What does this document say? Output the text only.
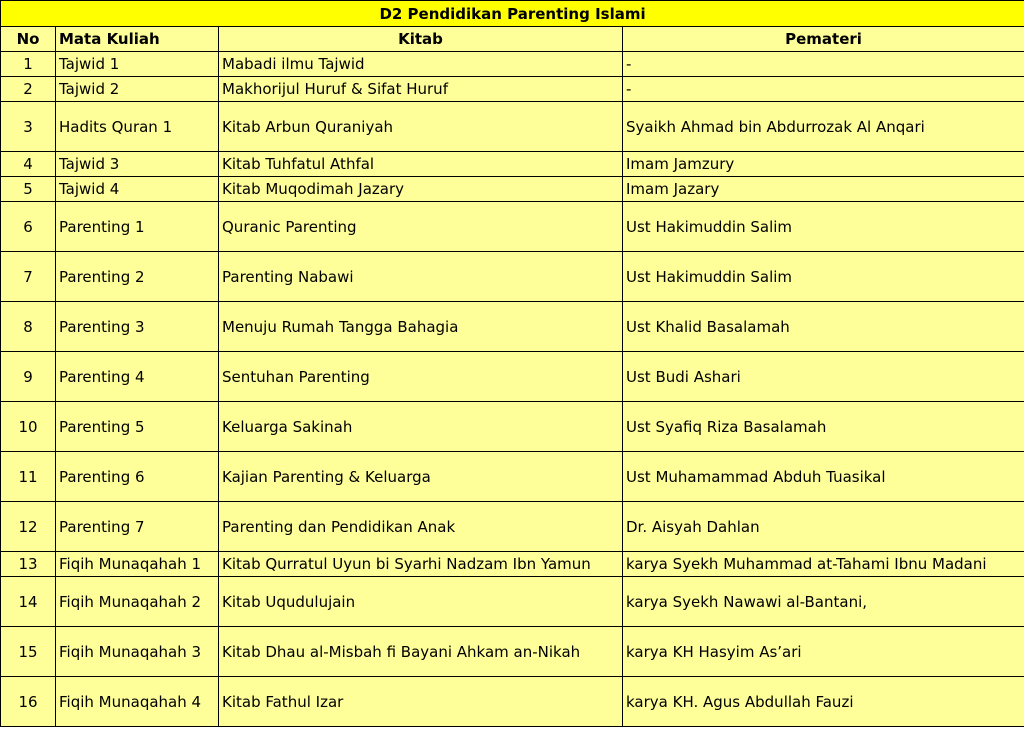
D2 Pendidikan Parenting Islami			
No	Mata Kuliah	Kitab	Pemateri
1	Tajwid 1	Mabadi ilmu Tajwid	-
2	Tajwid 2	Makhorijul Huruf & Sifat Huruf	-
3	Hadits Quran 1	Kitab Arbun Quraniyah	Syaikh Ahmad bin Abdurrozak Al Anqari
4	Tajwid 3	Kitab Tuhfatul Athfal	Imam Jamzury
5	Tajwid 4	Kitab Muqodimah Jazary	Imam Jazary
6	Parenting 1	Quranic Parenting	Ust Hakimuddin Salim
7	Parenting 2	Parenting Nabawi	Ust Hakimuddin Salim
8	Parenting 3	Menuju Rumah Tangga Bahagia	Ust Khalid Basalamah
9	Parenting 4	Sentuhan Parenting	Ust Budi Ashari
10	Parenting 5	Keluarga Sakinah	Ust Syafiq Riza Basalamah
11	Parenting 6	Kajian Parenting & Keluarga	Ust Muhamammad Abduh Tuasikal
12	Parenting 7	Parenting dan Pendidikan Anak	Dr. Aisyah Dahlan
13	Fiqih Munaqahah 1	Kitab Qurratul Uyun bi Syarhi Nadzam Ibn Yamun	karya Syekh Muhammad at-Tahami Ibnu Madani
14	Fiqih Munaqahah 2	Kitab Uqudulujain	karya Syekh Nawawi al-Bantani,
15	Fiqih Munaqahah 3	Kitab Dhau al-Misbah fi Bayani Ahkam an-Nikah	karya KH Hasyim As’ari
16	Fiqih Munaqahah 4	Kitab Fathul Izar	karya KH. Agus Abdullah Fauzi
